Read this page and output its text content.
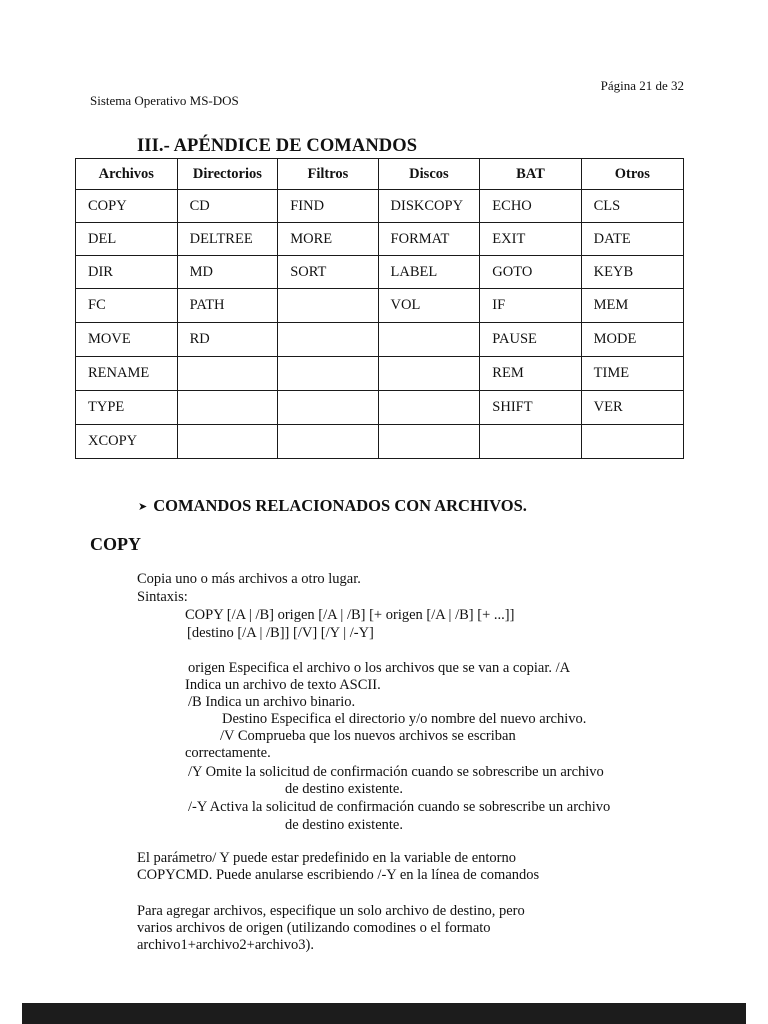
Página 21 de 32
Sistema Operativo MS-DOS
III.- APÉNDICE DE COMANDOS
Archivos	Directorios	Filtros	Discos	BAT	Otros
COPY	CD	FIND	DISKCOPY	ECHO	CLS
DEL	DELTREE	MORE	FORMAT	EXIT	DATE
DIR	MD	SORT	LABEL	GOTO	KEYB
FC	PATH		VOL	IF	MEM
MOVE	RD			PAUSE	MODE
RENAME				REM	TIME
TYPE				SHIFT	VER
XCOPY					
➤ COMANDOS RELACIONADOS CON ARCHIVOS.
COPY
Copia uno o más archivos a otro lugar.
Sintaxis:
COPY [/A | /B] origen [/A | /B] [+ origen [/A | /B] [+ ...]]
[destino [/A | /B]] [/V] [/Y | /-Y]
origen Especifica el archivo o los archivos que se van a copiar. /A
Indica un archivo de texto ASCII.
/B Indica un archivo binario.
Destino Especifica el directorio y/o nombre del nuevo archivo.
/V Comprueba que los nuevos archivos se escriban
correctamente.
/Y Omite la solicitud de confirmación cuando se sobrescribe un archivo
de destino existente.
/-Y Activa la solicitud de confirmación cuando se sobrescribe un archivo
de destino existente.
El parámetro/ Y puede estar predefinido en la variable de entorno
COPYCMD. Puede anularse escribiendo /-Y en la línea de comandos
Para agregar archivos, especifique un solo archivo de destino, pero
varios archivos de origen (utilizando comodines o el formato
archivo1+archivo2+archivo3).
